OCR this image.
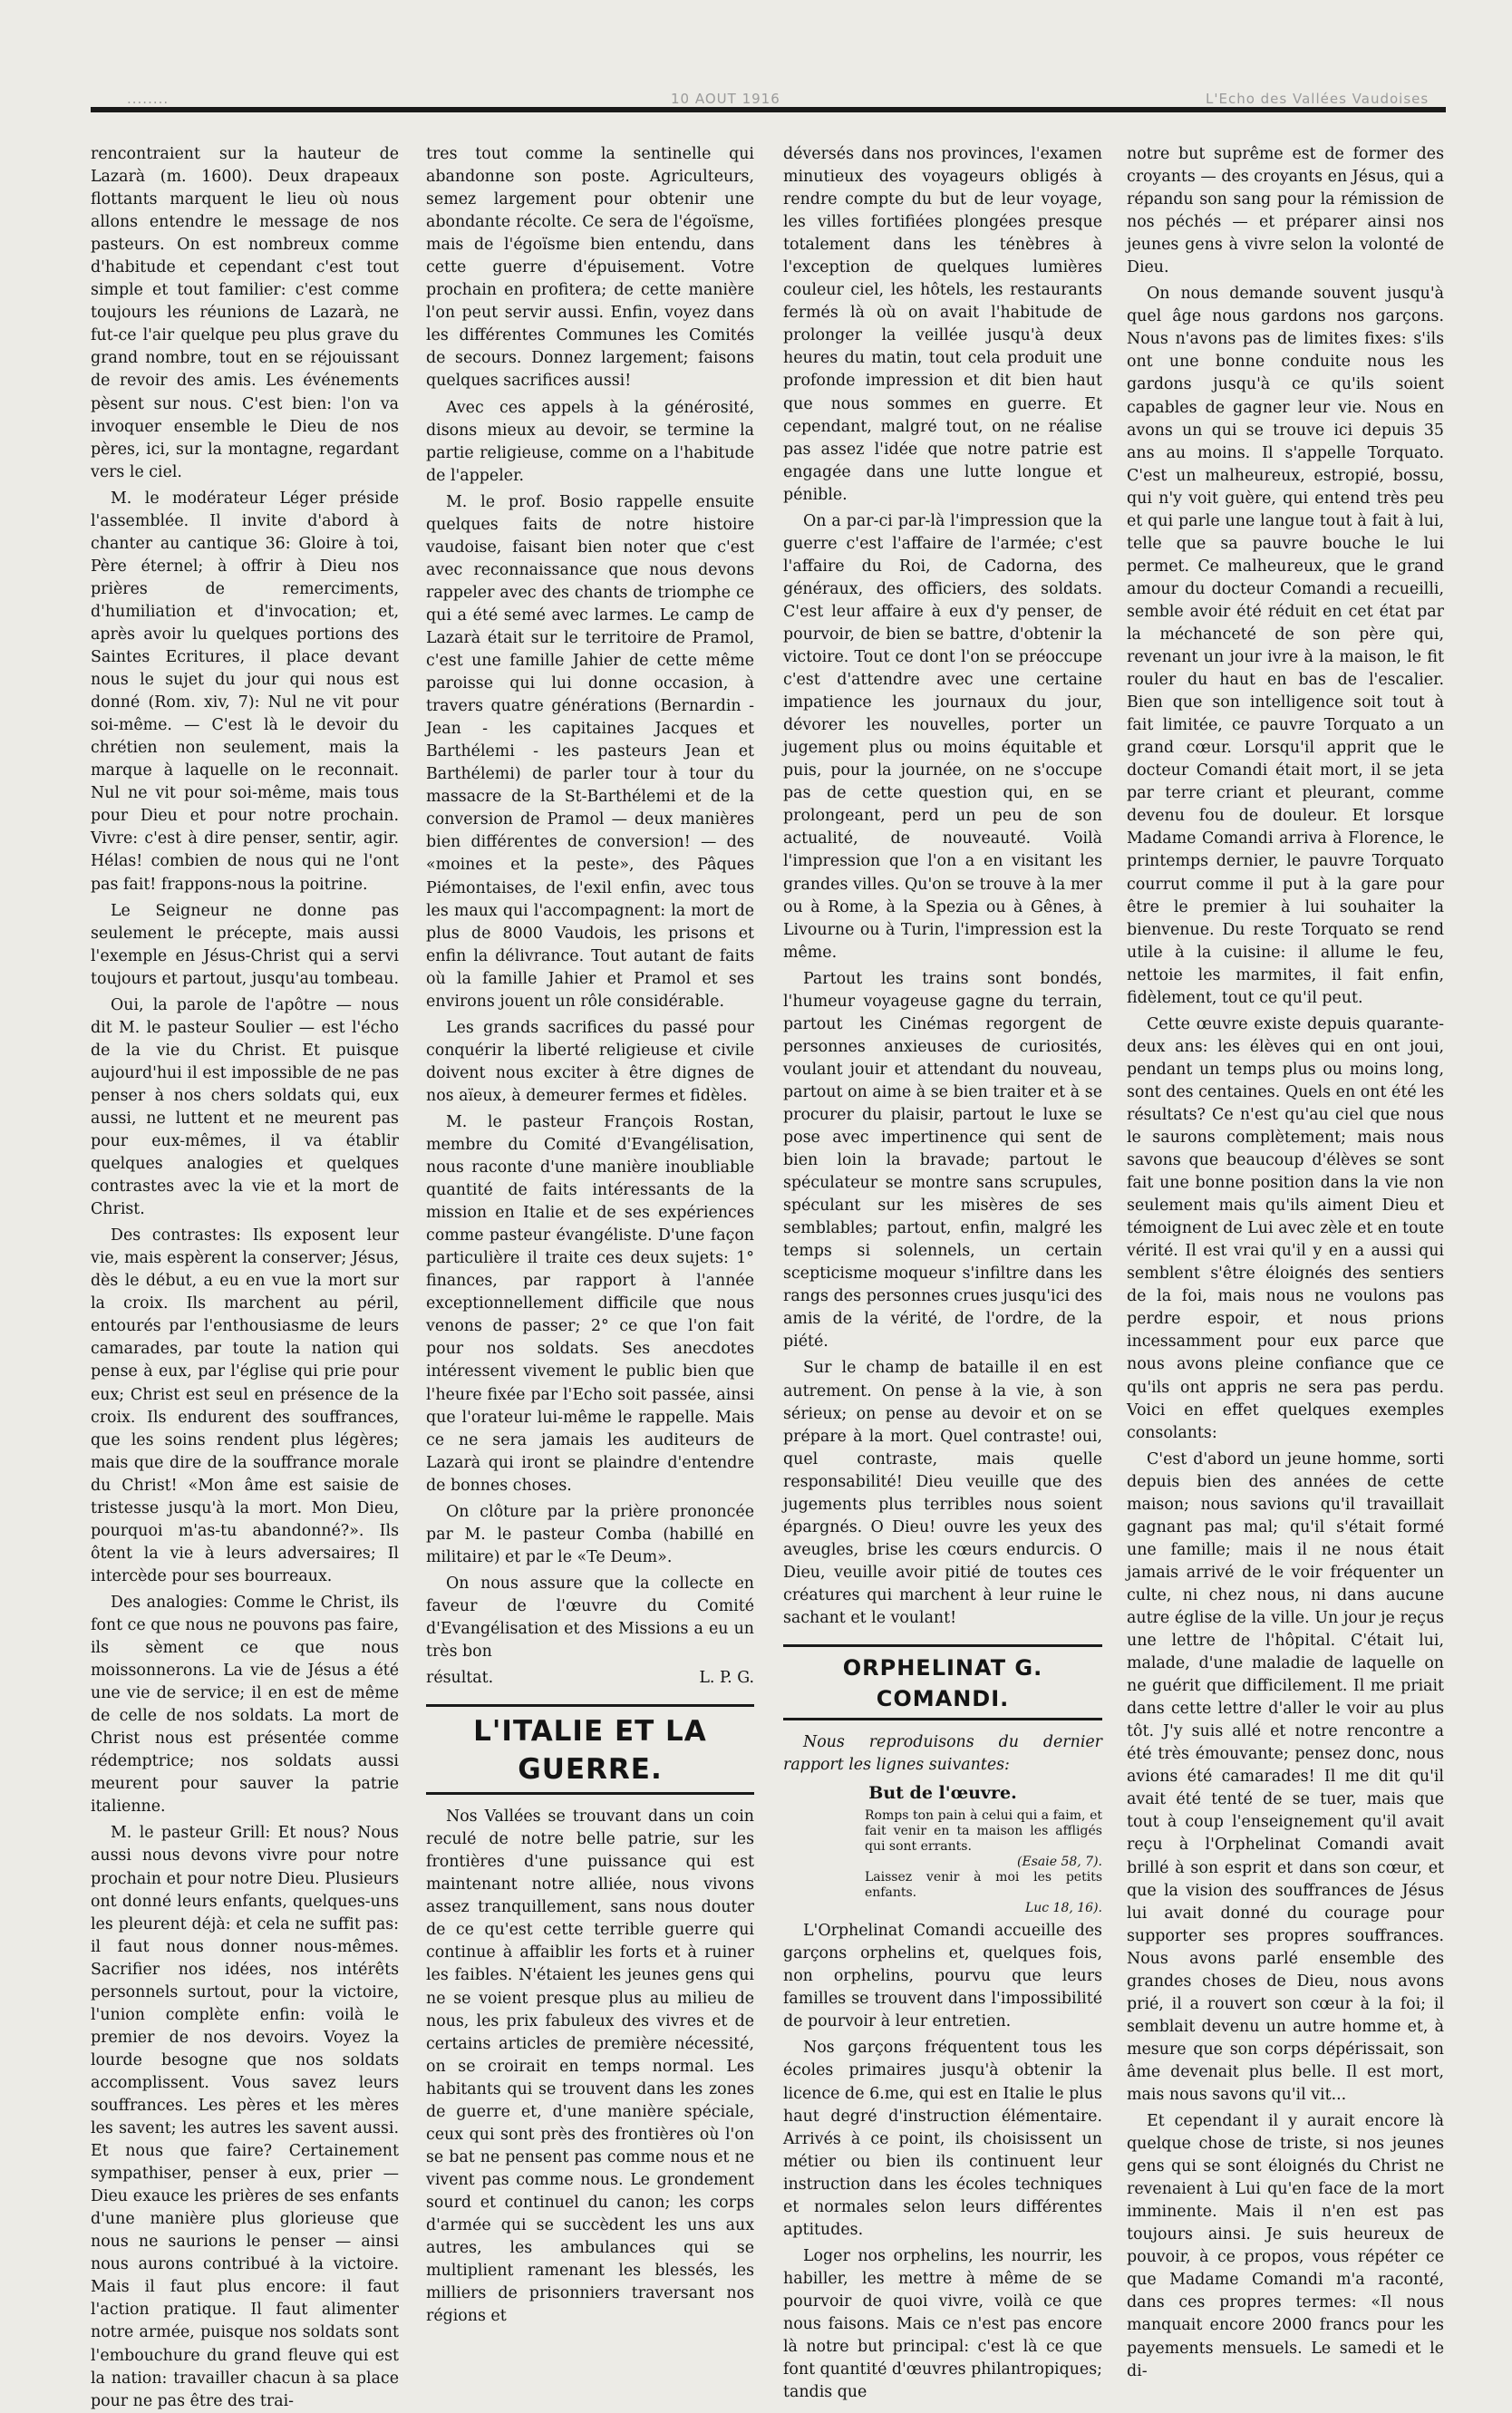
........	10 AOUT 1916	L'Echo des Vallées Vaudoises

rencontraient sur la hauteur de Lazarà (m. 1600). Deux drapeaux flottants marquent le lieu où nous allons entendre le message de nos pasteurs. On est nombreux comme d'habitude et cependant c'est tout simple et tout familier: c'est comme toujours les réunions de Lazarà, ne fut-ce l'air quelque peu plus grave du grand nombre, tout en se réjouissant de revoir des amis. Les événements pèsent sur nous. C'est bien: l'on va invoquer ensemble le Dieu de nos pères, ici, sur la montagne, regardant vers le ciel.

M. le modérateur Léger préside l'assemblée. Il invite d'abord à chanter au cantique 36: Gloire à toi, Père éternel; à offrir à Dieu nos prières de remerciments, d'humiliation et d'invocation; et, après avoir lu quelques portions des Saintes Ecritures, il place devant nous le sujet du jour qui nous est donné (Rom. xiv, 7): Nul ne vit pour soi-même. — C'est là le devoir du chrétien non seulement, mais la marque à laquelle on le reconnait. Nul ne vit pour soi-même, mais tous pour Dieu et pour notre prochain. Vivre: c'est à dire penser, sentir, agir. Hélas! combien de nous qui ne l'ont pas fait! frappons-nous la poitrine.

Le Seigneur ne donne pas seulement le précepte, mais aussi l'exemple en Jésus-Christ qui a servi toujours et partout, jusqu'au tombeau.

Oui, la parole de l'apôtre — nous dit M. le pasteur Soulier — est l'écho de la vie du Christ. Et puisque aujourd'hui il est impossible de ne pas penser à nos chers soldats qui, eux aussi, ne luttent et ne meurent pas pour eux-mêmes, il va établir quelques analogies et quelques contrastes avec la vie et la mort de Christ.

Des contrastes: Ils exposent leur vie, mais espèrent la conserver; Jésus, dès le début, a eu en vue la mort sur la croix. Ils marchent au péril, entourés par l'enthousiasme de leurs camarades, par toute la nation qui pense à eux, par l'église qui prie pour eux; Christ est seul en présence de la croix. Ils endurent des souffrances, que les soins rendent plus légères; mais que dire de la souffrance morale du Christ! «Mon âme est saisie de tristesse jusqu'à la mort. Mon Dieu, pourquoi m'as-tu abandonné?». Ils ôtent la vie à leurs adversaires; Il intercède pour ses bourreaux.

Des analogies: Comme le Christ, ils font ce que nous ne pouvons pas faire, ils sèment ce que nous moissonnerons. La vie de Jésus a été une vie de service; il en est de même de celle de nos soldats. La mort de Christ nous est présentée comme rédemptrice; nos soldats aussi meurent pour sauver la patrie italienne.

M. le pasteur Grill: Et nous? Nous aussi nous devons vivre pour notre prochain et pour notre Dieu. Plusieurs ont donné leurs enfants, quelques-uns les pleurent déjà: et cela ne suffit pas: il faut nous donner nous-mêmes. Sacrifier nos idées, nos intérêts personnels surtout, pour la victoire, l'union complète enfin: voilà le premier de nos devoirs. Voyez la lourde besogne que nos soldats accomplissent. Vous savez leurs souffrances. Les pères et les mères les savent; les autres les savent aussi. Et nous que faire? Certainement sympathiser, penser à eux, prier — Dieu exauce les prières de ses enfants d'une manière plus glorieuse que nous ne saurions le penser — ainsi nous aurons contribué à la victoire. Mais il faut plus encore: il faut l'action pratique. Il faut alimenter notre armée, puisque nos soldats sont l'embouchure du grand fleuve qui est la nation: travailler chacun à sa place pour ne pas être des trai-

tres tout comme la sentinelle qui abandonne son poste. Agriculteurs, semez largement pour obtenir une abondante récolte. Ce sera de l'égoïsme, mais de l'égoïsme bien entendu, dans cette guerre d'épuisement. Votre prochain en profitera; de cette manière l'on peut servir aussi. Enfin, voyez dans les différentes Communes les Comités de secours. Donnez largement; faisons quelques sacrifices aussi!

Avec ces appels à la générosité, disons mieux au devoir, se termine la partie religieuse, comme on a l'habitude de l'appeler.

M. le prof. Bosio rappelle ensuite quelques faits de notre histoire vaudoise, faisant bien noter que c'est avec reconnaissance que nous devons rappeler avec des chants de triomphe ce qui a été semé avec larmes. Le camp de Lazarà était sur le territoire de Pramol, c'est une famille Jahier de cette même paroisse qui lui donne occasion, à travers quatre générations (Bernardin - Jean - les capitaines Jacques et Barthélemi - les pasteurs Jean et Barthélemi) de parler tour à tour du massacre de la St-Barthélemi et de la conversion de Pramol — deux manières bien différentes de conversion! — des «moines et la peste», des Pâques Piémontaises, de l'exil enfin, avec tous les maux qui l'accompagnent: la mort de plus de 8000 Vaudois, les prisons et enfin la délivrance. Tout autant de faits où la famille Jahier et Pramol et ses environs jouent un rôle considérable.

Les grands sacrifices du passé pour conquérir la liberté religieuse et civile doivent nous exciter à être dignes de nos aïeux, à demeurer fermes et fidèles.

M. le pasteur François Rostan, membre du Comité d'Evangélisation, nous raconte d'une manière inoubliable quantité de faits intéressants de la mission en Italie et de ses expériences comme pasteur évangéliste. D'une façon particulière il traite ces deux sujets: 1° finances, par rapport à l'année exceptionnellement difficile que nous venons de passer; 2° ce que l'on fait pour nos soldats. Ses anecdotes intéressent vivement le public bien que l'heure fixée par l'Echo soit passée, ainsi que l'orateur lui-même le rappelle. Mais ce ne sera jamais les auditeurs de Lazarà qui iront se plaindre d'entendre de bonnes choses.

On clôture par la prière prononcée par M. le pasteur Comba (habillé en militaire) et par le «Te Deum».

On nous assure que la collecte en faveur de l'œuvre du Comité d'Evangélisation et des Missions a eu un très bon

résultat.	L. P. G.

L'ITALIE ET LA GUERRE.

Nos Vallées se trouvant dans un coin reculé de notre belle patrie, sur les frontières d'une puissance qui est maintenant notre alliée, nous vivons assez tranquillement, sans nous douter de ce qu'est cette terrible guerre qui continue à affaiblir les forts et à ruiner les faibles. N'étaient les jeunes gens qui ne se voient presque plus au milieu de nous, les prix fabuleux des vivres et de certains articles de première nécessité, on se croirait en temps normal. Les habitants qui se trouvent dans les zones de guerre et, d'une manière spéciale, ceux qui sont près des frontières où l'on se bat ne pensent pas comme nous et ne vivent pas comme nous. Le grondement sourd et continuel du canon; les corps d'armée qui se succèdent les uns aux autres, les ambulances qui se multiplient ramenant les blessés, les milliers de prisonniers traversant nos régions et

déversés dans nos provinces, l'examen minutieux des voyageurs obligés à rendre compte du but de leur voyage, les villes fortifiées plongées presque totalement dans les ténèbres à l'exception de quelques lumières couleur ciel, les hôtels, les restaurants fermés là où on avait l'habitude de prolonger la veillée jusqu'à deux heures du matin, tout cela produit une profonde impression et dit bien haut que nous sommes en guerre. Et cependant, malgré tout, on ne réalise pas assez l'idée que notre patrie est engagée dans une lutte longue et pénible.

On a par-ci par-là l'impression que la guerre c'est l'affaire de l'armée; c'est l'affaire du Roi, de Cadorna, des généraux, des officiers, des soldats. C'est leur affaire à eux d'y penser, de pourvoir, de bien se battre, d'obtenir la victoire. Tout ce dont l'on se préoccupe c'est d'attendre avec une certaine impatience les journaux du jour, dévorer les nouvelles, porter un jugement plus ou moins équitable et puis, pour la journée, on ne s'occupe pas de cette question qui, en se prolongeant, perd un peu de son actualité, de nouveauté. Voilà l'impression que l'on a en visitant les grandes villes. Qu'on se trouve à la mer ou à Rome, à la Spezia ou à Gênes, à Livourne ou à Turin, l'impression est la même.

Partout les trains sont bondés, l'humeur voyageuse gagne du terrain, partout les Cinémas regorgent de personnes anxieuses de curiosités, voulant jouir et attendant du nouveau, partout on aime à se bien traiter et à se procurer du plaisir, partout le luxe se pose avec impertinence qui sent de bien loin la bravade; partout le spéculateur se montre sans scrupules, spéculant sur les misères de ses semblables; partout, enfin, malgré les temps si solennels, un certain scepticisme moqueur s'infiltre dans les rangs des personnes crues jusqu'ici des amis de la vérité, de l'ordre, de la piété.

Sur le champ de bataille il en est autrement. On pense à la vie, à son sérieux; on pense au devoir et on se prépare à la mort. Quel contraste! oui, quel contraste, mais quelle responsabilité! Dieu veuille que des jugements plus terribles nous soient épargnés. O Dieu! ouvre les yeux des aveugles, brise les cœurs endurcis. O Dieu, veuille avoir pitié de toutes ces créatures qui marchent à leur ruine le sachant et le voulant!

ORPHELINAT G. COMANDI.

Nous reproduisons du dernier rapport les lignes suivantes:

But de l'œuvre.
Romps ton pain à celui qui a faim, et fait venir en ta maison les affligés qui sont errants.
(Esaie 58, 7).
Laissez venir à moi les petits enfants.
Luc 18, 16).

L'Orphelinat Comandi accueille des garçons orphelins et, quelques fois, non orphelins, pourvu que leurs familles se trouvent dans l'impossibilité de pourvoir à leur entretien.

Nos garçons fréquentent tous les écoles primaires jusqu'à obtenir la licence de 6.me, qui est en Italie le plus haut degré d'instruction élémentaire. Arrivés à ce point, ils choisissent un métier ou bien ils continuent leur instruction dans les écoles techniques et normales selon leurs différentes aptitudes.

Loger nos orphelins, les nourrir, les habiller, les mettre à même de se pourvoir de quoi vivre, voilà ce que nous faisons. Mais ce n'est pas encore là notre but principal: c'est là ce que font quantité d'œuvres philantropiques; tandis que

notre but suprême est de former des croyants — des croyants en Jésus, qui a répandu son sang pour la rémission de nos péchés — et préparer ainsi nos jeunes gens à vivre selon la volonté de Dieu.

On nous demande souvent jusqu'à quel âge nous gardons nos garçons. Nous n'avons pas de limites fixes: s'ils ont une bonne conduite nous les gardons jusqu'à ce qu'ils soient capables de gagner leur vie. Nous en avons un qui se trouve ici depuis 35 ans au moins. Il s'appelle Torquato. C'est un malheureux, estropié, bossu, qui n'y voit guère, qui entend très peu et qui parle une langue tout à fait à lui, telle que sa pauvre bouche le lui permet. Ce malheureux, que le grand amour du docteur Comandi a recueilli, semble avoir été réduit en cet état par la méchanceté de son père qui, revenant un jour ivre à la maison, le fit rouler du haut en bas de l'escalier. Bien que son intelligence soit tout à fait limitée, ce pauvre Torquato a un grand cœur. Lorsqu'il apprit que le docteur Comandi était mort, il se jeta par terre criant et pleurant, comme devenu fou de douleur. Et lorsque Madame Comandi arriva à Florence, le printemps dernier, le pauvre Torquato courrut comme il put à la gare pour être le premier à lui souhaiter la bienvenue. Du reste Torquato se rend utile à la cuisine: il allume le feu, nettoie les marmites, il fait enfin, fidèlement, tout ce qu'il peut.

Cette œuvre existe depuis quarante-deux ans: les élèves qui en ont joui, pendant un temps plus ou moins long, sont des centaines. Quels en ont été les résultats? Ce n'est qu'au ciel que nous le saurons complètement; mais nous savons que beaucoup d'élèves se sont fait une bonne position dans la vie non seulement mais qu'ils aiment Dieu et témoignent de Lui avec zèle et en toute vérité. Il est vrai qu'il y en a aussi qui semblent s'être éloignés des sentiers de la foi, mais nous ne voulons pas perdre espoir, et nous prions incessamment pour eux parce que nous avons pleine confiance que ce qu'ils ont appris ne sera pas perdu. Voici en effet quelques exemples consolants:

C'est d'abord un jeune homme, sorti depuis bien des années de cette maison; nous savions qu'il travaillait gagnant pas mal; qu'il s'était formé une famille; mais il ne nous était jamais arrivé de le voir fréquenter un culte, ni chez nous, ni dans aucune autre église de la ville. Un jour je reçus une lettre de l'hôpital. C'était lui, malade, d'une maladie de laquelle on ne guérit que difficilement. Il me priait dans cette lettre d'aller le voir au plus tôt. J'y suis allé et notre rencontre a été très émouvante; pensez donc, nous avions été camarades! Il me dit qu'il avait été tenté de se tuer, mais que tout à coup l'enseignement qu'il avait reçu à l'Orphelinat Comandi avait brillé à son esprit et dans son cœur, et que la vision des souffrances de Jésus lui avait donné du courage pour supporter ses propres souffrances. Nous avons parlé ensemble des grandes choses de Dieu, nous avons prié, il a rouvert son cœur à la foi; il semblait devenu un autre homme et, à mesure que son corps dépérissait, son âme devenait plus belle. Il est mort, mais nous savons qu'il vit...

Et cependant il y aurait encore là quelque chose de triste, si nos jeunes gens qui se sont éloignés du Christ ne revenaient à Lui qu'en face de la mort imminente. Mais il n'en est pas toujours ainsi. Je suis heureux de pouvoir, à ce propos, vous répéter ce que Madame Comandi m'a raconté, dans ces propres termes: «Il nous manquait encore 2000 francs pour les payements mensuels. Le samedi et le di-
